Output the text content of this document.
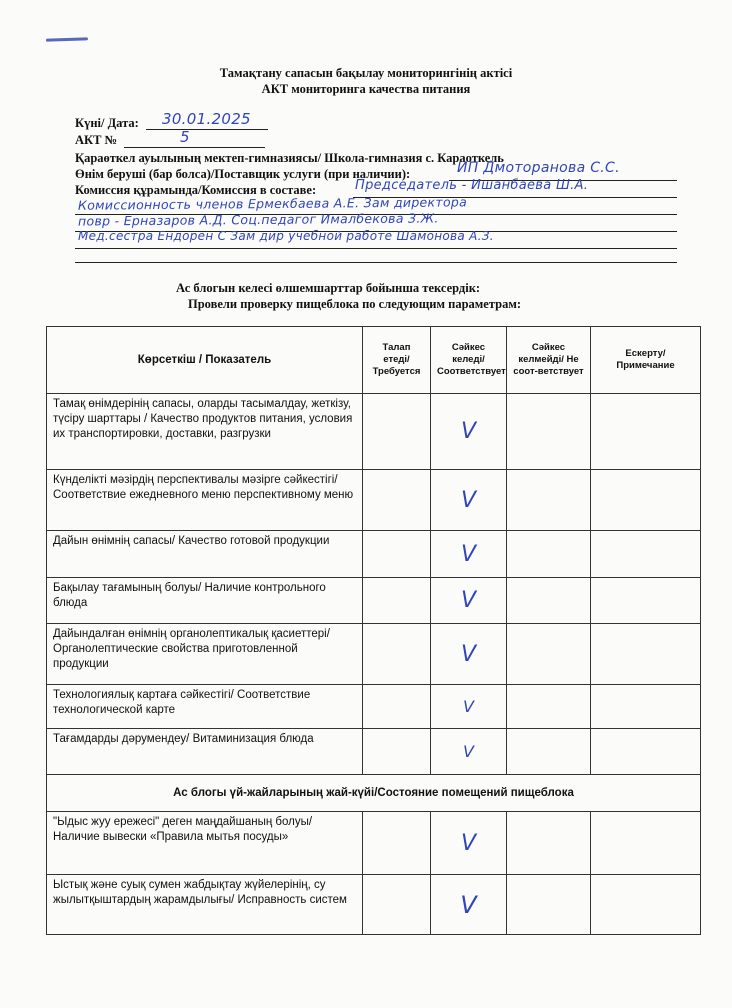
Тамақтану сапасын бақылау мониторингінің актісі
АКТ мониторинга качества питания
Күні/ Дата: 30.01.2025
АКТ №	5
Қараөткел ауылының мектеп-гимназиясы/ Школа-гимназия с. Караоткель
Өнім беруші (бар болса)/Поставщик услуги (при наличии):	ИП Дмоторанова С.С.
Комиссия құрамында/Комиссия в составе:	Председатель - Ишанбаева Ш.А.
Комиссионность членов Ермекбаева А.Е. Зам директора
повр - Ерназаров А.Д. Соц.педагог Ималбекова З.Ж.
Мед.сестра Ендорен С Зам дир учебной работе Шамонова А.З.
Ас блогын келесі өлшемшарттар бойынша тексердік:
Провели проверку пищеблока по следующим параметрам:
Көрсеткіш / Показатель	Талап етеді/Требуется	Сәйкес келеді/Соответствует	Сәйкес келмейді/ Не соот-ветствует	Ескерту/Примечание
Тамақ өнімдерінің сапасы, оларды тасымалдау, жеткізу, түсіру шарттары / Качество продуктов питания, условия их транспортировки, доставки, разгрузки		V		
Күнделікті мәзірдің перспективалы мәзірге сәйкестігі/ Соответствие ежедневного меню перспективному меню		V		
Дайын өнімнің сапасы/ Качество готовой продукции		V		
Бақылау тағамының болуы/ Наличие контрольного блюда		V		
Дайындалған өнімнің органолептикалық қасиеттері/Органолептические свойства приготовленной продукции		V		
Технологиялық картаға сәйкестігі/ Соответствие технологической карте		V		
Тағамдарды дәрумендеу/ Витаминизация блюда		V		
Ас блогы үй-жайларының жай-күйі/Состояние помещений пищеблока				
"Ыдыс жуу ережесі" деген маңдайшаның болуы/Наличие вывески «Правила мытья посуды»		V		
Ыстық және суық сумен жабдықтау жүйелерінің, су жылытқыштардың жарамдылығы/ Исправность систем		V		
